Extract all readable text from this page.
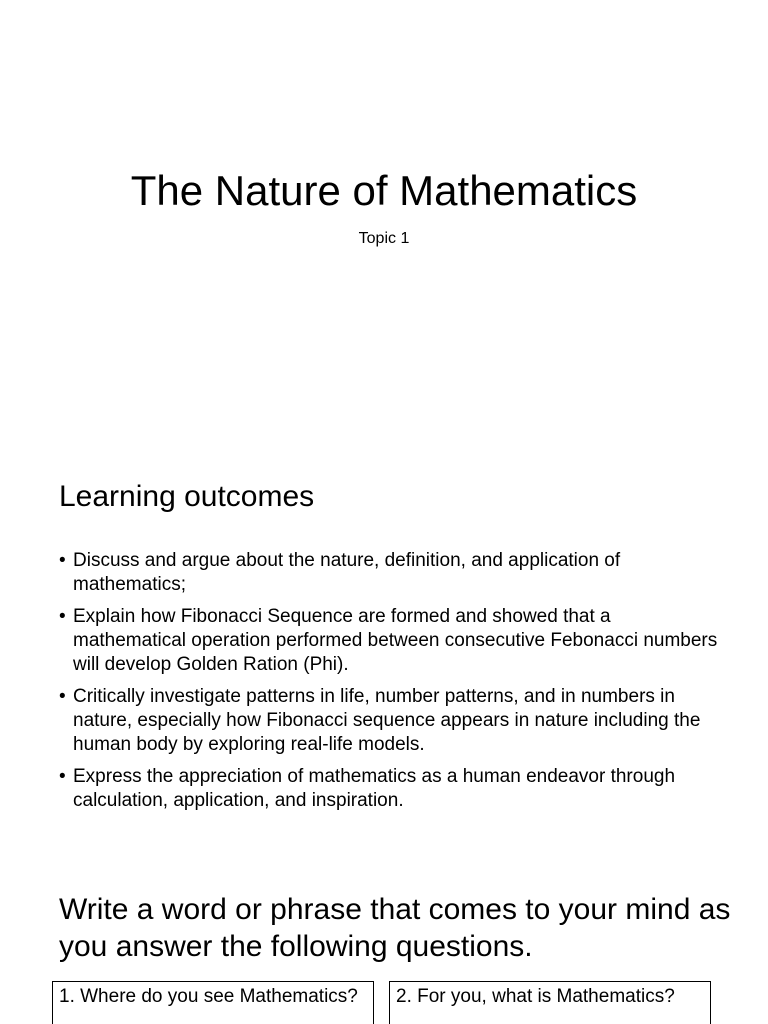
The Nature of Mathematics

Topic 1

Learning outcomes
• Discuss and argue about the nature, definition, and application of mathematics;
• Explain how Fibonacci Sequence are formed and showed that a mathematical operation performed between consecutive Febonacci numbers will develop Golden Ration (Phi).
• Critically investigate patterns in life, number patterns, and in numbers in nature, especially how Fibonacci sequence appears in nature including the human body by exploring real-life models.
• Express the appreciation of mathematics as a human endeavor through calculation, application, and inspiration.
Write a word or phrase that comes to your mind as you answer the following questions.
1. Where do you see Mathematics?	2. For you, what is Mathematics?
